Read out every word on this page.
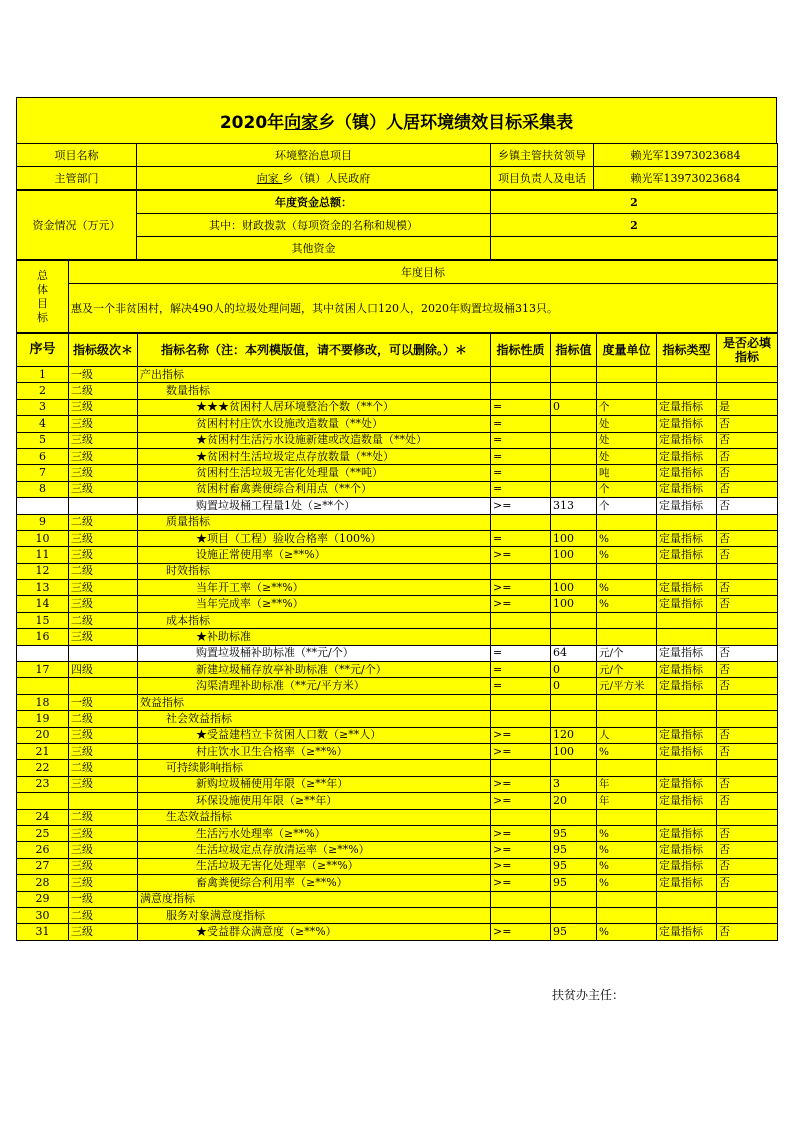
2020年 向家 乡（镇）人居环境绩效目标采集表
项目名称	环境整治息项目	乡镇主管扶贫领导	赖光军13973023684
主管部门	向家 乡（镇）人民政府	项目负责人及电话	赖光军13973023684
资金情况（万元）	年度资金总额：	2
	其中：财政拨款（每项资金的名称和规模）	2
	其他资金	
总体目标	年度目标
惠及一个非贫困村，解决490人的垃圾处理问题，其中贫困人口120人，2020年购置垃圾桶313只。
序号	指标级次＊	指标名称（注：本列模版值，请不要修改，可以删除。）＊	指标性质	指标值	度量单位	指标类型	是否必填指标
1	一级	产出指标					
2	二级	数量指标					
3	三级	★★★贫困村人居环境整治个数（**个）	=	0	个	定量指标	是
4	三级	贫困村村庄饮水设施改造数量（**处）	=		处	定量指标	否
5	三级	★贫困村生活污水设施新建或改造数量（**处）	=		处	定量指标	否
6	三级	★贫困村生活垃圾定点存放数量（**处）	=		处	定量指标	否
7	三级	贫困村生活垃圾无害化处理量（**吨）	=		吨	定量指标	否
8	三级	贫困村畜禽粪便综合利用点（**个）	=		个	定量指标	否
		购置垃圾桶工程量1处（≥**个）	>=	313	个	定量指标	否
9	二级	质量指标					
10	三级	★项目（工程）验收合格率（100%）	=	100	%	定量指标	否
11	三级	设施正常使用率（≥**%）	>=	100	%	定量指标	否
12	二级	时效指标					
13	三级	当年开工率（≥**%）	>=	100	%	定量指标	否
14	三级	当年完成率（≥**%）	>=	100	%	定量指标	否
15	二级	成本指标					
16	三级	★补助标准					
		购置垃圾桶补助标准（**元/个）	=	64	元/个	定量指标	否
17	四级	新建垃圾桶存放亭补助标准（**元/个）	=	0	元/个	定量指标	否
		沟渠清理补助标准（**元/平方米）	=	0	元/平方米	定量指标	否
18	一级	效益指标					
19	二级	社会效益指标					
20	三级	★受益建档立卡贫困人口数（≥**人）	>=	120	人	定量指标	否
21	三级	村庄饮水卫生合格率（≥**%）	>=	100	%	定量指标	否
22	二级	可持续影响指标					
23	三级	新购垃圾桶使用年限（≥**年）	>=	3	年	定量指标	否
		环保设施使用年限（≥**年）	>=	20	年	定量指标	否
24	二级	生态效益指标					
25	三级	生活污水处理率（≥**%）	>=	95	%	定量指标	否
26	三级	生活垃圾定点存放清运率（≥**%）	>=	95	%	定量指标	否
27	三级	生活垃圾无害化处理率（≥**%）	>=	95	%	定量指标	否
28	三级	畜禽粪便综合利用率（≥**%）	>=	95	%	定量指标	否
29	一级	满意度指标					
30	二级	服务对象满意度指标					
31	三级	★受益群众满意度（≥**%）	>=	95	%	定量指标	否
扶贫办主任：
